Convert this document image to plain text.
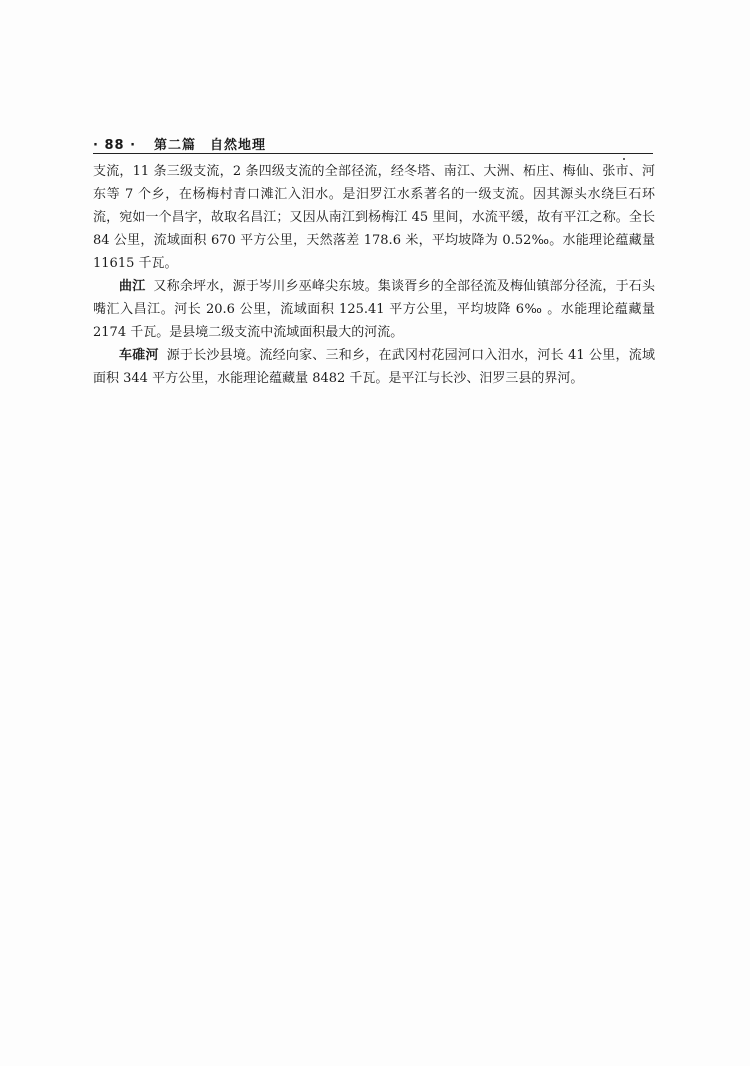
· 88 · 第二篇　自然地理

支流，11 条三级支流，2 条四级支流的全部径流，经冬塔、南江、大洲、柘庄、梅仙、张市、河东等 7 个乡，在杨梅村青口滩汇入汨水。是汨罗江水系著名的一级支流。因其源头水绕巨石环流，宛如一个昌字，故取名昌江；又因从南江到杨梅江 45 里间，水流平缓，故有平江之称。全长 84 公里，流域面积 670 平方公里，天然落差 178.6 米，平均坡降为 0.52‰。水能理论蕴藏量 11615 千瓦。

曲江 又称余坪水，源于岑川乡巫峰尖东坡。集谈胥乡的全部径流及梅仙镇部分径流，于石头嘴汇入昌江。河长 20.6 公里，流域面积 125.41 平方公里，平均坡降 6‰ 。水能理论蕴藏量 2174 千瓦。是县境二级支流中流域面积最大的河流。

车碓河 源于长沙县境。流经向家、三和乡，在武冈村花园河口入汨水，河长 41 公里，流域面积 344 平方公里，水能理论蕴藏量 8482 千瓦。是平江与长沙、汨罗三县的界河。
